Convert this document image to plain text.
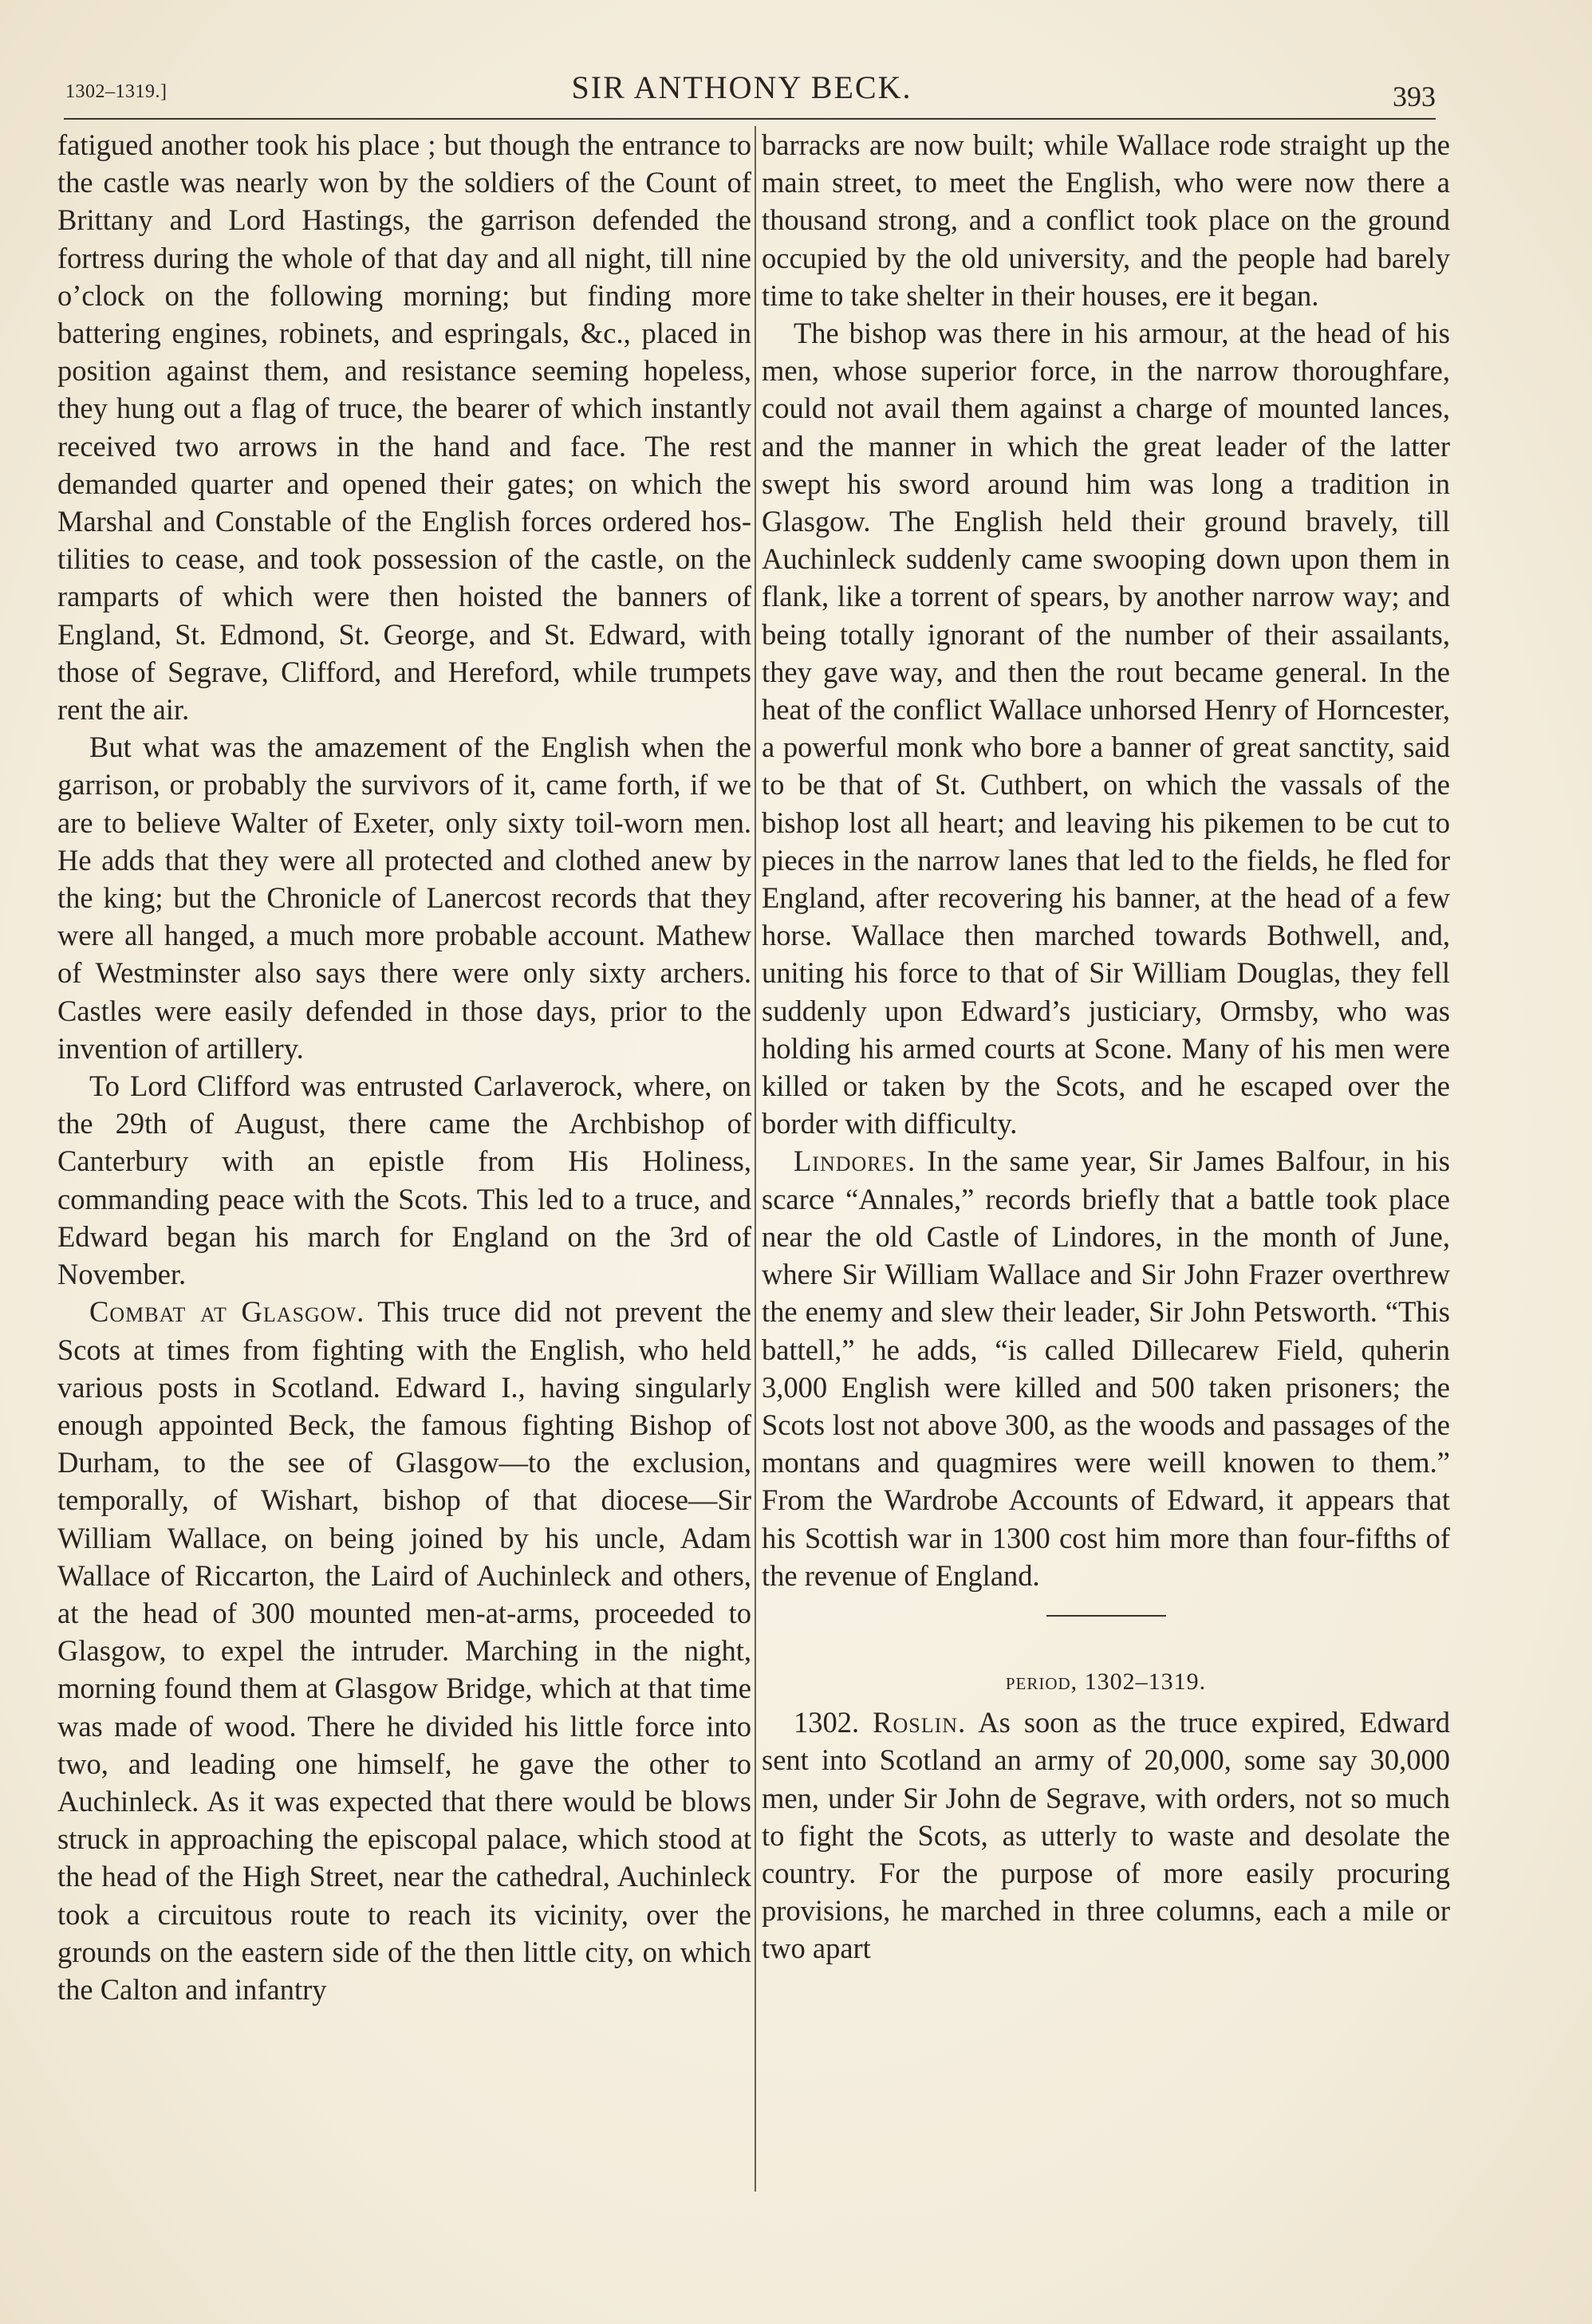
1302–1319.]	SIR ANTHONY BECK.	393

fatigued another took his place ; but though the entrance to the castle was nearly won by the soldiers of the Count of Brittany and Lord Hastings, the garrison defended the fortress during the whole of that day and all night, till nine o’clock on the following morning; but finding more battering engines, robinets, and espringals, &c., placed in position against them, and resistance seeming hopeless, they hung out a flag of truce, the bearer of which instantly received two arrows in the hand and face. The rest demanded quarter and opened their gates; on which the Marshal and Constable of the English forces ordered hostilities to cease, and took possession of the castle, on the ramparts of which were then hoisted the banners of England, St. Edmond, St. George, and St. Edward, with those of Segrave, Clifford, and Hereford, while trumpets rent the air.

But what was the amazement of the English when the garrison, or probably the survivors of it, came forth, if we are to believe Walter of Exeter, only sixty toil-worn men. He adds that they were all protected and clothed anew by the king; but the Chronicle of Lanercost records that they were all hanged, a much more probable account. Mathew of Westminster also says there were only sixty archers. Castles were easily defended in those days, prior to the invention of artillery.

To Lord Clifford was entrusted Carlaverock, where, on the 29th of August, there came the Archbishop of Canterbury with an epistle from His Holiness, commanding peace with the Scots. This led to a truce, and Edward began his march for England on the 3rd of November.

Combat at Glasgow. This truce did not prevent the Scots at times from fighting with the English, who held various posts in Scotland. Edward I., having singularly enough appointed Beck, the famous fighting Bishop of Durham, to the see of Glasgow—to the exclusion, temporally, of Wishart, bishop of that diocese—Sir William Wallace, on being joined by his uncle, Adam Wallace of Riccarton, the Laird of Auchinleck and others, at the head of 300 mounted men-at-arms, proceeded to Glasgow, to expel the intruder. Marching in the night, morning found them at Glasgow Bridge, which at that time was made of wood. There he divided his little force into two, and leading one himself, he gave the other to Auchinleck. As it was expected that there would be blows struck in approaching the episcopal palace, which stood at the head of the High Street, near the cathedral, Auchinleck took a circuitous route to reach its vicinity, over the grounds on the eastern side of the then little city, on which the Calton and infantry

barracks are now built; while Wallace rode straight up the main street, to meet the English, who were now there a thousand strong, and a conflict took place on the ground occupied by the old university, and the people had barely time to take shelter in their houses, ere it began.

The bishop was there in his armour, at the head of his men, whose superior force, in the narrow thoroughfare, could not avail them against a charge of mounted lances, and the manner in which the great leader of the latter swept his sword around him was long a tradition in Glasgow. The English held their ground bravely, till Auchinleck suddenly came swooping down upon them in flank, like a torrent of spears, by another narrow way; and being totally ignorant of the number of their assailants, they gave way, and then the rout became general. In the heat of the conflict Wallace unhorsed Henry of Horncester, a powerful monk who bore a banner of great sanctity, said to be that of St. Cuthbert, on which the vassals of the bishop lost all heart; and leaving his pikemen to be cut to pieces in the narrow lanes that led to the fields, he fled for England, after recovering his banner, at the head of a few horse. Wallace then marched towards Bothwell, and, uniting his force to that of Sir William Douglas, they fell suddenly upon Edward’s justiciary, Ormsby, who was holding his armed courts at Scone. Many of his men were killed or taken by the Scots, and he escaped over the border with difficulty.

Lindores. In the same year, Sir James Balfour, in his scarce “Annales,” records briefly that a battle took place near the old Castle of Lindores, in the month of June, where Sir William Wallace and Sir John Frazer overthrew the enemy and slew their leader, Sir John Petsworth. “This battell,” he adds, “is called Dillecarew Field, quherin 3,000 English were killed and 500 taken prisoners; the Scots lost not above 300, as the woods and passages of the montans and quagmires were weill knowen to them.” From the Wardrobe Accounts of Edward, it appears that his Scottish war in 1300 cost him more than four-fifths of the revenue of England.

period, 1302–1319.

1302. Roslin. As soon as the truce expired, Edward sent into Scotland an army of 20,000, some say 30,000 men, under Sir John de Segrave, with orders, not so much to fight the Scots, as utterly to waste and desolate the country. For the purpose of more easily procuring provisions, he marched in three columns, each a mile or two apart
